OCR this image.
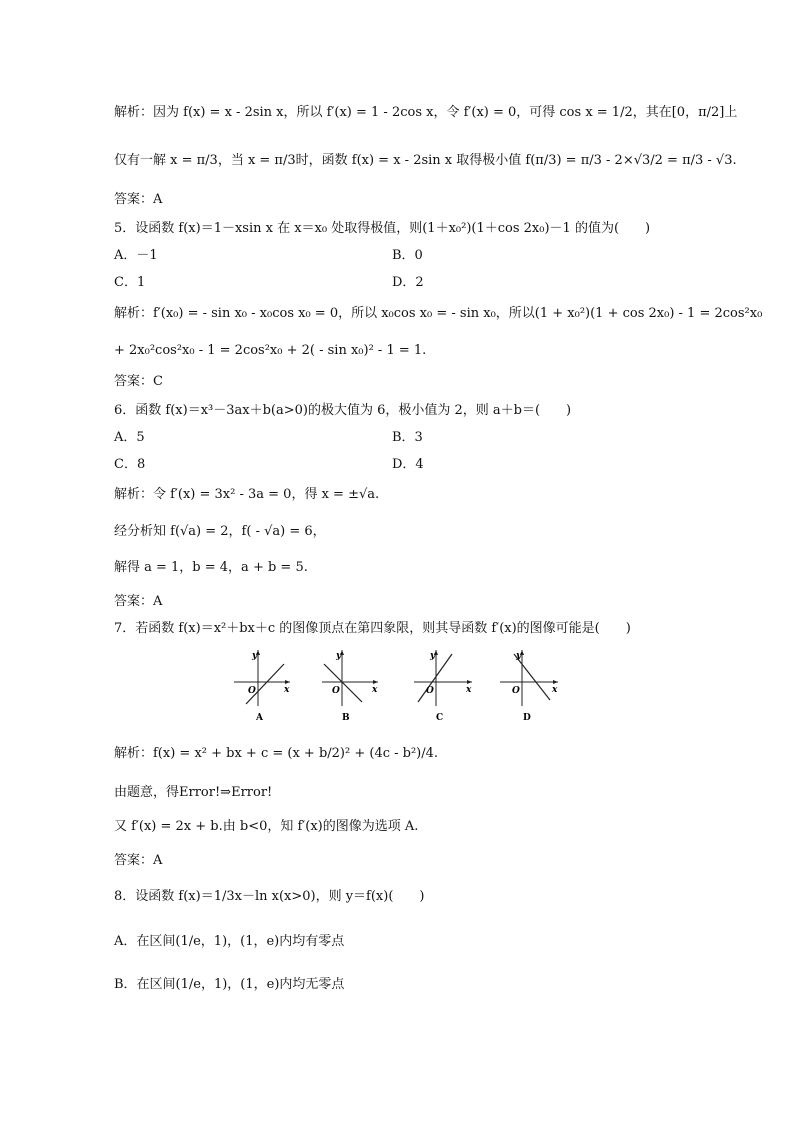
解析：因为 f(x) = x - 2sin x，所以 f′(x) = 1 - 2cos x，令 f′(x) = 0，可得 cos x = 1/2，其在[0，π/2]上
仅有一解 x = π/3，当 x = π/3时，函数 f(x) = x - 2sin x 取得极小值 f(π/3) = π/3 - 2×√3/2 = π/3 - √3.
答案：A
5．设函数 f(x)＝1－xsin x 在 x＝x₀ 处取得极值，则(1＋x₀²)(1＋cos 2x₀)－1 的值为(　　)
A．－1	B．0
C．1	D．2
解析：f′(x₀) = - sin x₀ - x₀cos x₀ = 0，所以 x₀cos x₀ = - sin x₀，所以(1 + x₀²)(1 + cos 2x₀) - 1 = 2cos²x₀
+ 2x₀²cos²x₀ - 1 = 2cos²x₀ + 2( - sin x₀)² - 1 = 1.
答案：C
6．函数 f(x)＝x³－3ax＋b(a>0)的极大值为 6，极小值为 2，则 a＋b＝(　　)
A．5	B．3
C．8	D．4
解析：令 f′(x) = 3x² - 3a = 0，得 x = ±√a.
经分析知 f(√a) = 2，f( - √a) = 6，
解得 a = 1，b = 4，a + b = 5.
答案：A
7．若函数 f(x)＝x²＋bx＋c 的图像顶点在第四象限，则其导函数 f′(x)的图像可能是(　　)
y
x
O
A
y
x
O
B
y
x
O
C
y
x
O
D
解析：f(x) = x² + bx + c = (x + b/2)² + (4c - b²)/4.
由题意，得Error!⇒Error!
又 f′(x) = 2x + b.由 b<0，知 f′(x)的图像为选项 A.
答案：A
8．设函数 f(x)＝1/3x－ln x(x>0)，则 y＝f(x)(　　)
A．在区间(1/e，1)，(1，e)内均有零点
B．在区间(1/e，1)，(1，e)内均无零点
